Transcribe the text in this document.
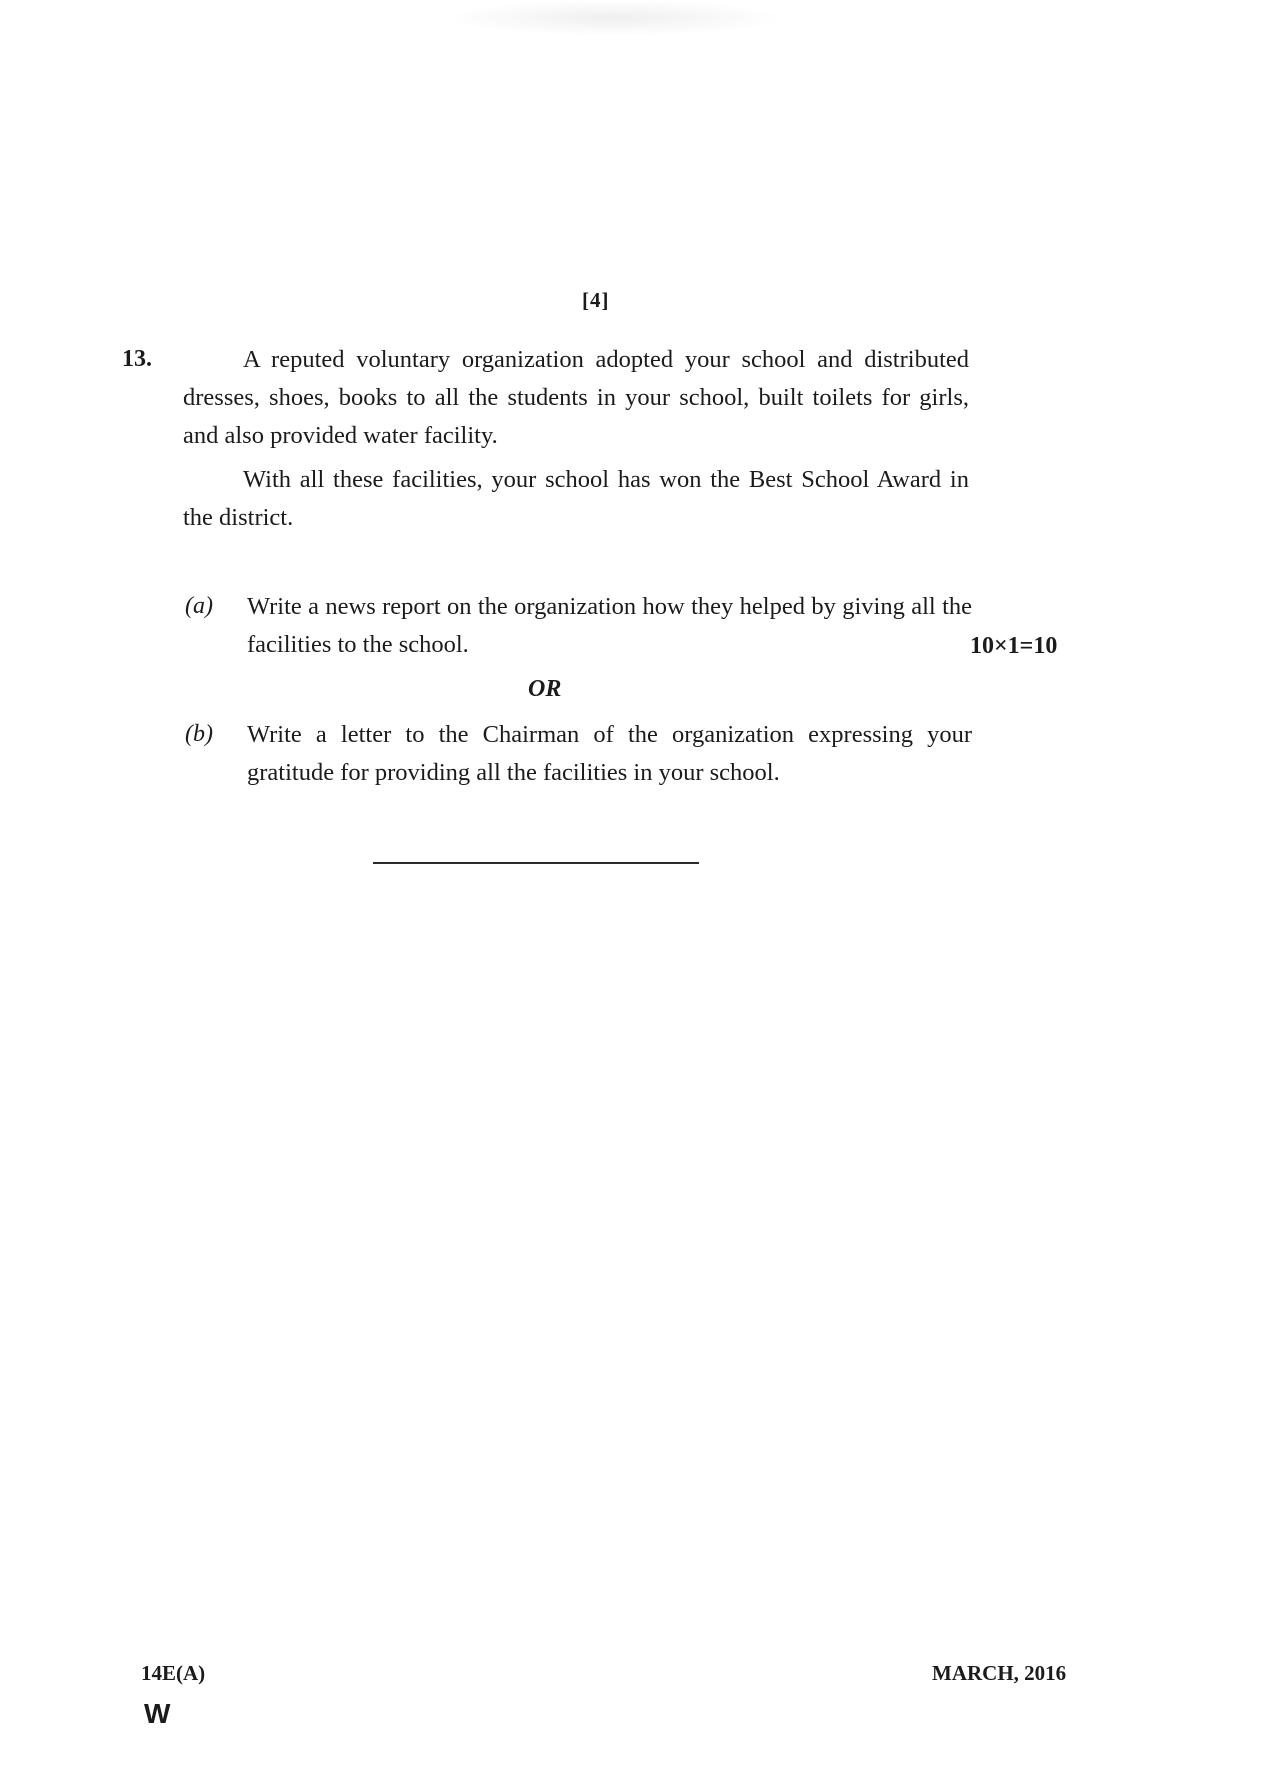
[4]
13.	A reputed voluntary organization adopted your school and distributed dresses, shoes, books to all the students in your school, built toilets for girls, and also provided water facility.

With all these facilities, your school has won the Best School Award in the district.

(a) Write a news report on the organization how they helped by giving all the facilities to the school.	10×1=10
OR
(b) Write a letter to the Chairman of the organization expressing your gratitude for providing all the facilities in your school.

14E(A)	MARCH, 2016
W
